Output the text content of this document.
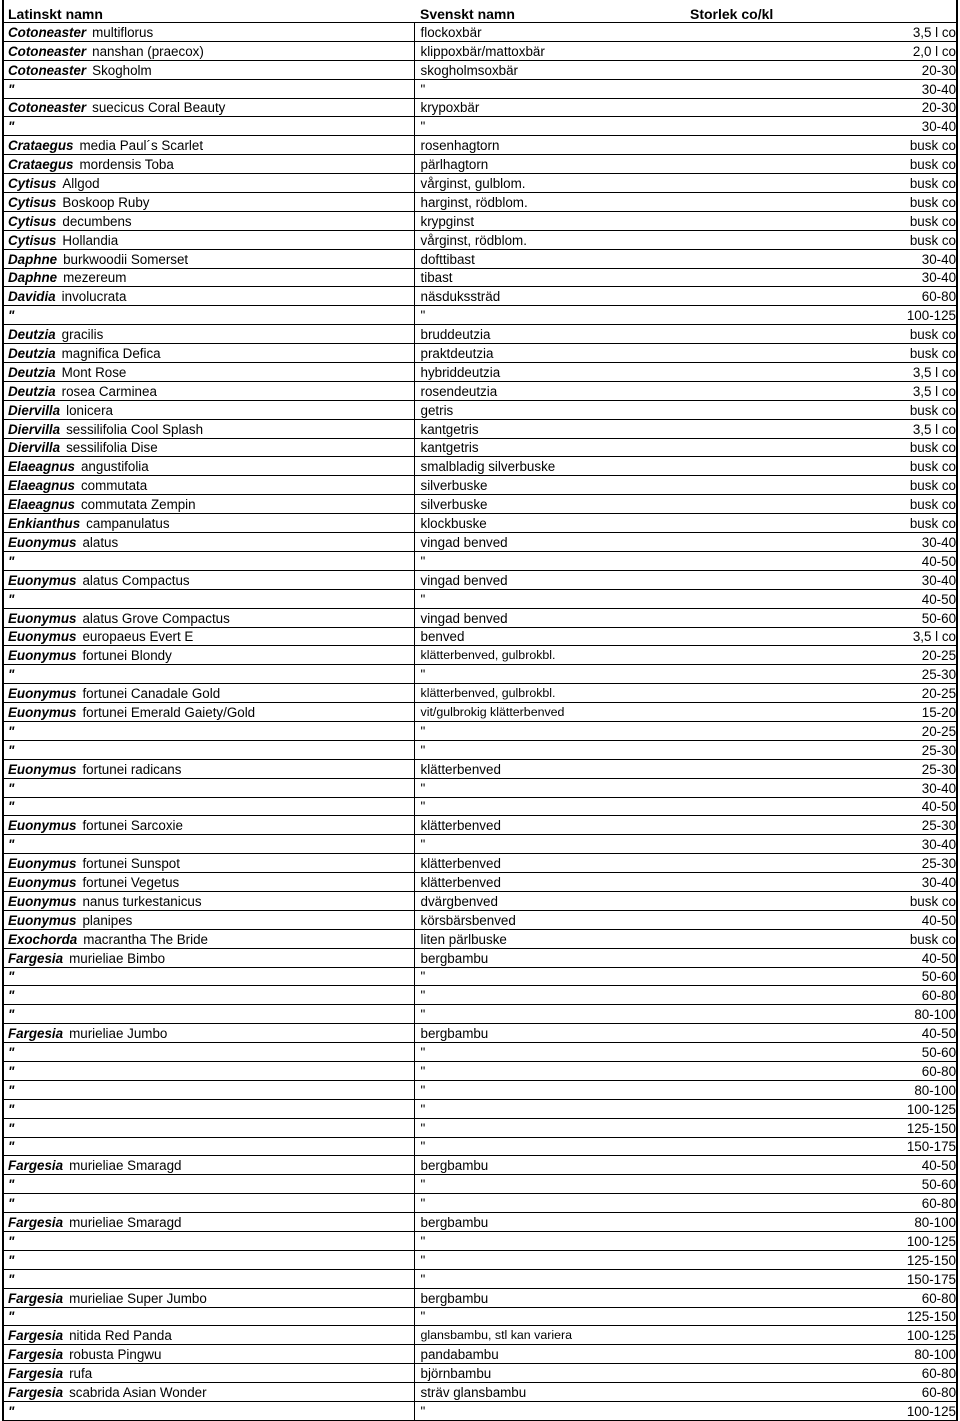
Latinskt namn	Svenskt namn	Storlek co/kl	
Cotoneaster multiflorus	flockoxbär		3,5 l co
Cotoneaster nanshan (praecox)	klippoxbär/mattoxbär		2,0 l co
Cotoneaster Skogholm	skogholmsoxbär		20-30
"	"		30-40
Cotoneaster suecicus Coral Beauty	krypoxbär		20-30
"	"		30-40
Crataegus media Paul´s Scarlet	rosenhagtorn		busk co
Crataegus mordensis Toba	pärlhagtorn		busk co
Cytisus Allgod	vårginst, gulblom.		busk co
Cytisus Boskoop Ruby	harginst, rödblom.		busk co
Cytisus decumbens	krypginst		busk co
Cytisus Hollandia	vårginst, rödblom.		busk co
Daphne burkwoodii Somerset	dofttibast		30-40
Daphne mezereum	tibast		30-40
Davidia involucrata	näsdukssträd		60-80
"	"		100-125
Deutzia gracilis	bruddeutzia		busk co
Deutzia magnifica Defica	praktdeutzia		busk co
Deutzia Mont Rose	hybriddeutzia		3,5 l co
Deutzia rosea Carminea	rosendeutzia		3,5 l co
Diervilla lonicera	getris		busk co
Diervilla sessilifolia Cool Splash	kantgetris		3,5 l co
Diervilla sessilifolia Dise	kantgetris		busk co
Elaeagnus angustifolia	smalbladig silverbuske		busk co
Elaeagnus commutata	silverbuske		busk co
Elaeagnus commutata Zempin	silverbuske		busk co
Enkianthus campanulatus	klockbuske		busk co
Euonymus alatus	vingad benved		30-40
"	"		40-50
Euonymus alatus Compactus	vingad benved		30-40
"	"		40-50
Euonymus alatus Grove Compactus	vingad benved		50-60
Euonymus europaeus Evert E	benved		3,5 l co
Euonymus fortunei Blondy	klätterbenved, gulbrokbl.		20-25
"	"		25-30
Euonymus fortunei Canadale Gold	klätterbenved, gulbrokbl.		20-25
Euonymus fortunei Emerald Gaiety/Gold	vit/gulbrokig klätterbenved		15-20
"	"		20-25
"	"		25-30
Euonymus fortunei radicans	klätterbenved		25-30
"	"		30-40
"	"		40-50
Euonymus fortunei Sarcoxie	klätterbenved		25-30
"	"		30-40
Euonymus fortunei Sunspot	klätterbenved		25-30
Euonymus fortunei Vegetus	klätterbenved		30-40
Euonymus nanus turkestanicus	dvärgbenved		busk co
Euonymus planipes	körsbärsbenved		40-50
Exochorda macrantha The Bride	liten pärlbuske		busk co
Fargesia murieliae Bimbo	bergbambu		40-50
"	"		50-60
"	"		60-80
"	"		80-100
Fargesia murieliae Jumbo	bergbambu		40-50
"	"		50-60
"	"		60-80
"	"		80-100
"	"		100-125
"	"		125-150
"	"		150-175
Fargesia murieliae Smaragd	bergbambu		40-50
"	"		50-60
"	"		60-80
Fargesia murieliae Smaragd	bergbambu		80-100
"	"		100-125
"	"		125-150
"	"		150-175
Fargesia murieliae Super Jumbo	bergbambu		60-80
"	"		125-150
Fargesia nitida Red Panda	glansbambu, stl kan variera		100-125
Fargesia robusta Pingwu	pandabambu		80-100
Fargesia rufa	björnbambu		60-80
Fargesia scabrida Asian Wonder	sträv glansbambu		60-80
"	"		100-125
